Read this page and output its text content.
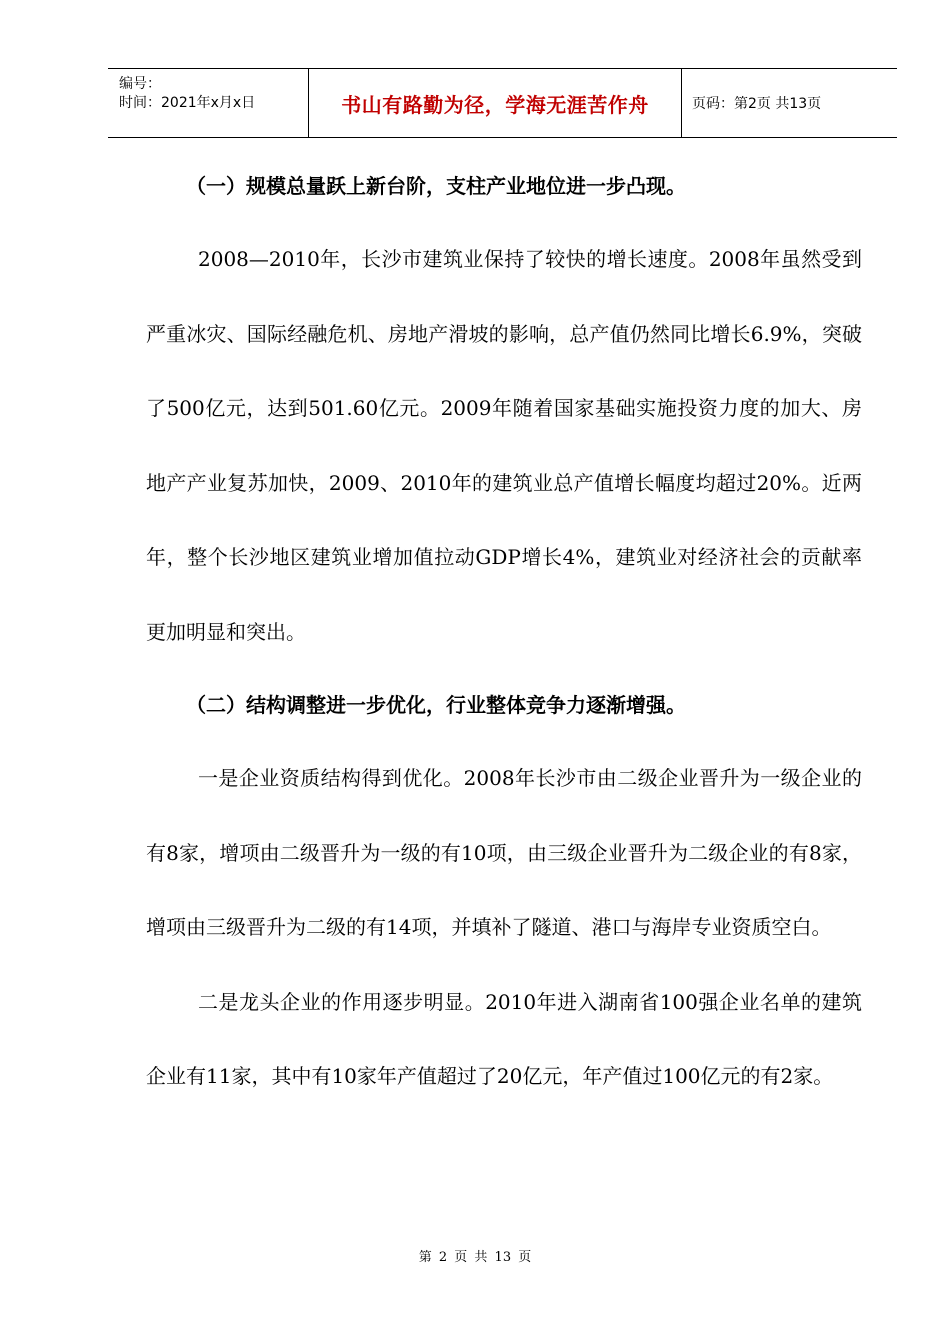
编号：
时间：2021年x月x日	书山有路勤为径，学海无涯苦作舟	页码：第2页 共13页

（一）规模总量跃上新台阶，支柱产业地位进一步凸现。

2008—2010年，长沙市建筑业保持了较快的增长速度。2008年虽然受到严重冰灾、国际经融危机、房地产滑坡的影响，总产值仍然同比增长6.9%，突破了500亿元，达到501.60亿元。2009年随着国家基础实施投资力度的加大、房地产产业复苏加快，2009、2010年的建筑业总产值增长幅度均超过20%。近两年，整个长沙地区建筑业增加值拉动GDP增长4%，建筑业对经济社会的贡献率更加明显和突出。

（二）结构调整进一步优化，行业整体竞争力逐渐增强。

一是企业资质结构得到优化。2008年长沙市由二级企业晋升为一级企业的有8家，增项由二级晋升为一级的有10项，由三级企业晋升为二级企业的有8家，增项由三级晋升为二级的有14项，并填补了隧道、港口与海岸专业资质空白。

二是龙头企业的作用逐步明显。2010年进入湖南省100强企业名单的建筑企业有11家，其中有10家年产值超过了20亿元，年产值过100亿元的有2家。

第 2 页 共 13 页
